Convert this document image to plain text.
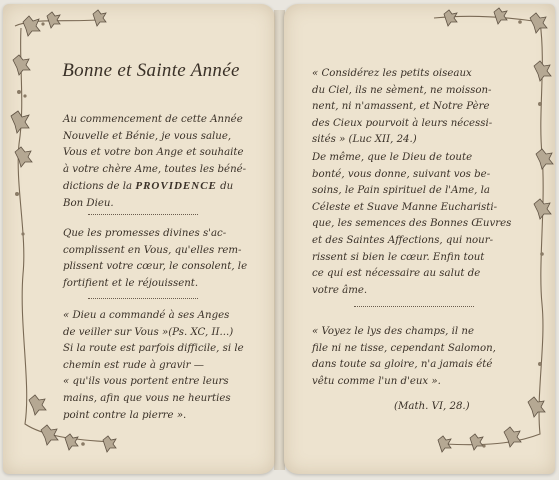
Bonne et Sainte Année
Au commencement de cette Année
Nouvelle et Bénie, je vous salue,
Vous et votre bon Ange et souhaite
à votre chère Ame, toutes les béné-
dictions de la PROVIDENCE du
Bon Dieu.
Que les promesses divines s'ac-
complissent en Vous, qu'elles rem-
plissent votre cœur, le consolent, le
fortifient et le réjouissent.
« Dieu a commandé à ses Anges
de veiller sur Vous »(Ps. XC, II...)
Si la route est parfois difficile, si le
chemin est rude à gravir —
« qu'ils vous portent entre leurs
mains, afin que vous ne heurties
point contre la pierre ».
« Considérez les petits oiseaux
du Ciel, ils ne sèment, ne moisson-
nent, ni n'amassent, et Notre Père
des Cieux pourvoit à leurs nécessi-
sités » (Luc XII, 24.)
De même, que le Dieu de toute
bonté, vous donne, suivant vos be-
soins, le Pain spirituel de l'Ame, la
Céleste et Suave Manne Eucharisti-
que, les semences des Bonnes Œuvres
et des Saintes Affections, qui nour-
rissent si bien le cœur. Enfin tout
ce qui est nécessaire au salut de
votre âme.
« Voyez le lys des champs, il ne
file ni ne tisse, cependant Salomon,
dans toute sa gloire, n'a jamais été
vêtu comme l'un d'eux ».
(Math. VI, 28.)
